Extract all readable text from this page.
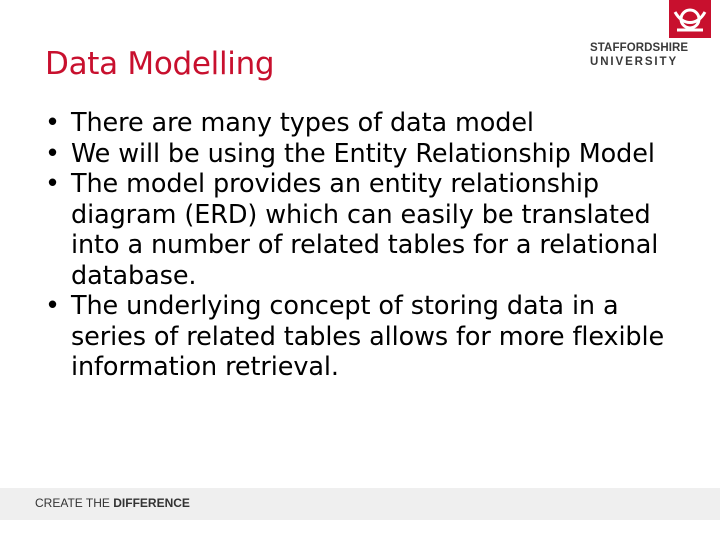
STAFFORDSHIRE
UNIVERSITY
Data Modelling
• There are many types of data model
• We will be using the Entity Relationship Model
• The model provides an entity relationship diagram (ERD) which can easily be translated into a number of related tables for a relational database.
• The underlying concept of storing data in a series of related tables allows for more flexible information retrieval.
CREATE THE DIFFERENCE
